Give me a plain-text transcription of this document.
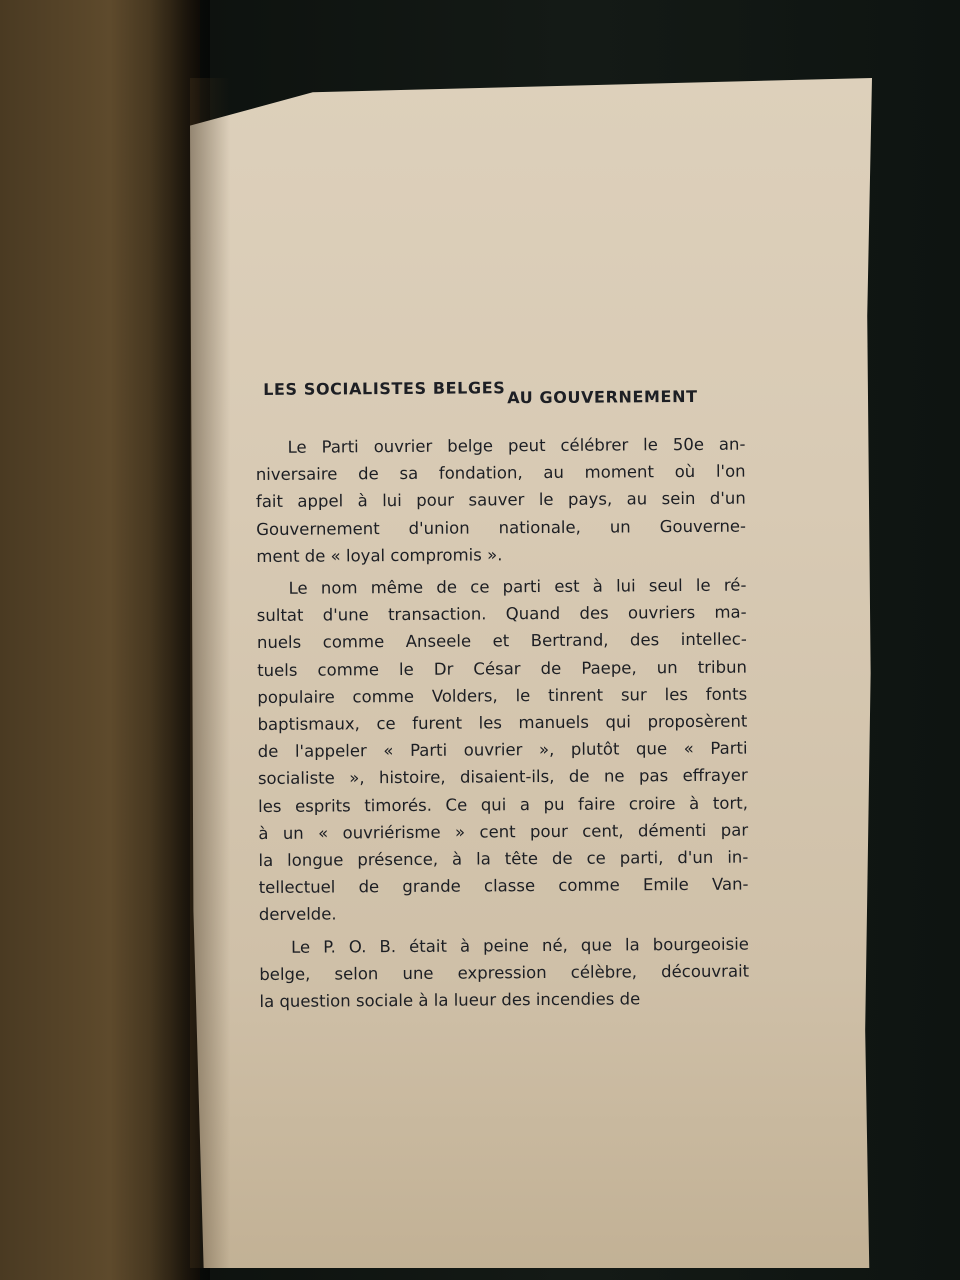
LES SOCIALISTES BELGES AU GOUVERNEMENT
Le Parti ouvrier belge peut célébrer le 50e an-
niversaire de sa fondation, au moment où l'on
fait appel à lui pour sauver le pays, au sein d'un
Gouvernement d'union nationale, un Gouverne-
ment de « loyal compromis ».
Le nom même de ce parti est à lui seul le ré-
sultat d'une transaction. Quand des ouvriers ma-
nuels comme Anseele et Bertrand, des intellec-
tuels comme le Dr César de Paepe, un tribun
populaire comme Volders, le tinrent sur les fonts
baptismaux, ce furent les manuels qui proposèrent
de l'appeler « Parti ouvrier », plutôt que « Parti
socialiste », histoire, disaient-ils, de ne pas effrayer
les esprits timorés. Ce qui a pu faire croire à tort,
à un « ouvriérisme » cent pour cent, démenti par
la longue présence, à la tête de ce parti, d'un in-
tellectuel de grande classe comme Emile Van-
dervelde.
Le P. O. B. était à peine né, que la bourgeoisie
belge, selon une expression célèbre, découvrait
la question sociale à la lueur des incendies de
